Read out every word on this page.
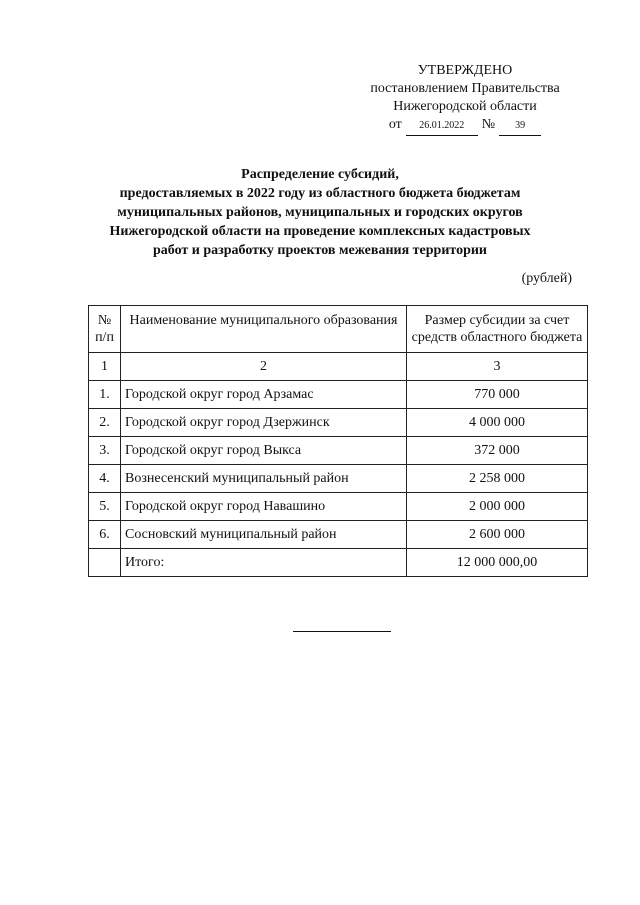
УТВЕРЖДЕНО
постановлением Правительства
Нижегородской области
от	26.01.2022	№	39
Распределение субсидий,
предоставляемых в 2022 году из областного бюджета бюджетам
муниципальных районов, муниципальных и городских округов
Нижегородской области на проведение комплексных кадастровых
работ и разработку проектов межевания территории
(рублей)
№ п/п	Наименование муниципального образования	Размер субсидии за счет средств областного бюджета
1	2	3
1.	Городской округ город Арзамас	770 000
2.	Городской округ город Дзержинск	4 000 000
3.	Городской округ город Выкса	372 000
4.	Вознесенский муниципальный район	2 258 000
5.	Городской округ город Навашино	2 000 000
6.	Сосновский муниципальный район	2 600 000
	Итого:	12 000 000,00
